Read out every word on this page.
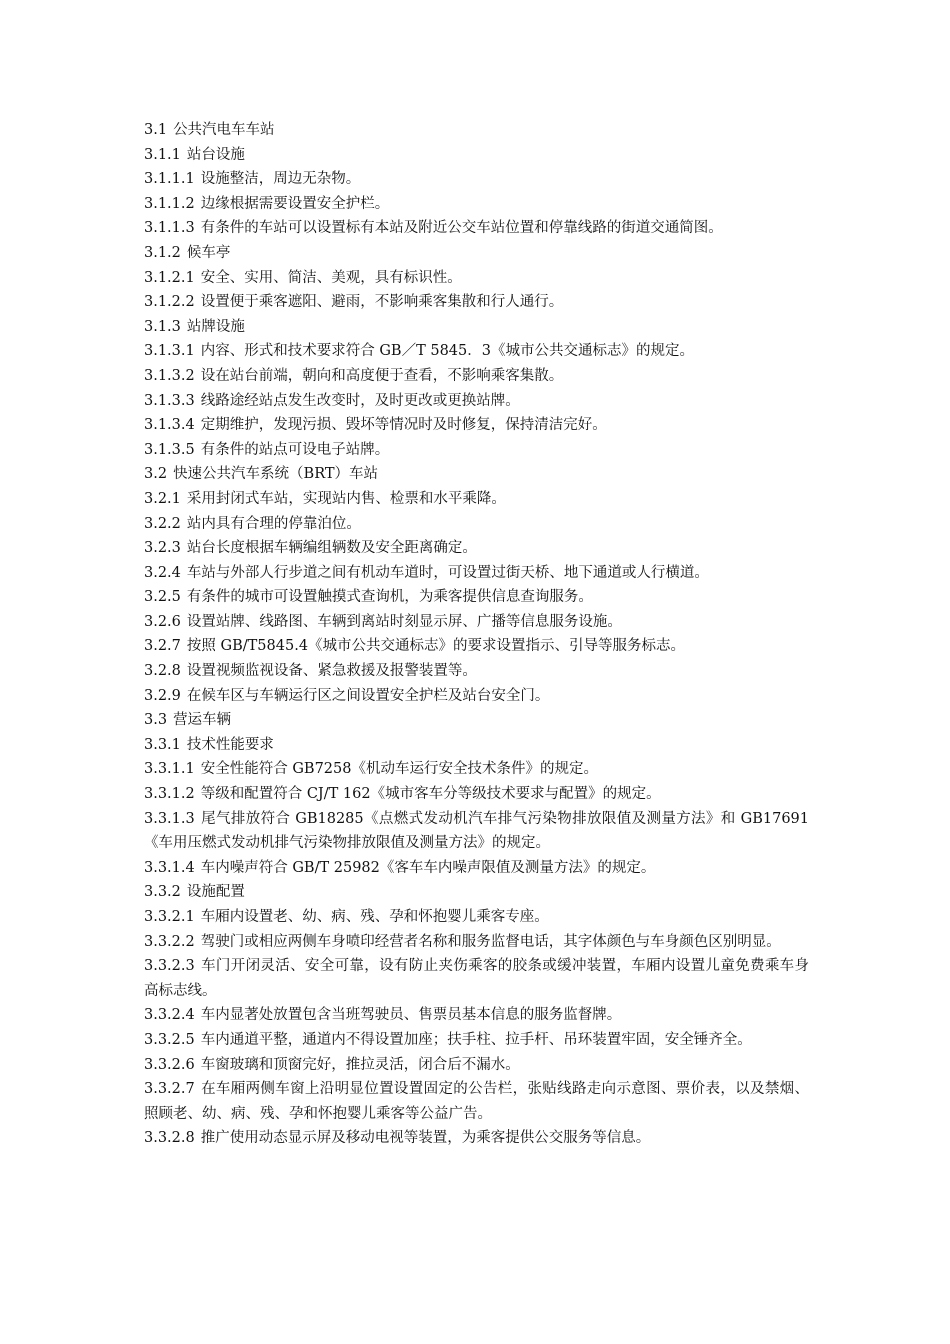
3.1 公共汽电车车站
3.1.1 站台设施
3.1.1.1 设施整洁，周边无杂物。
3.1.1.2 边缘根据需要设置安全护栏。
3.1.1.3 有条件的车站可以设置标有本站及附近公交车站位置和停靠线路的街道交通简图。
3.1.2 候车亭
3.1.2.1 安全、实用、简洁、美观，具有标识性。
3.1.2.2 设置便于乘客遮阳、避雨，不影响乘客集散和行人通行。
3.1.3 站牌设施
3.1.3.1 内容、形式和技术要求符合 GB／T 5845．3《城市公共交通标志》的规定。
3.1.3.2 设在站台前端，朝向和高度便于查看，不影响乘客集散。
3.1.3.3 线路途经站点发生改变时，及时更改或更换站牌。
3.1.3.4 定期维护，发现污损、毁坏等情况时及时修复，保持清洁完好。
3.1.3.5 有条件的站点可设电子站牌。
3.2 快速公共汽车系统（BRT）车站
3.2.1 采用封闭式车站，实现站内售、检票和水平乘降。
3.2.2 站内具有合理的停靠泊位。
3.2.3 站台长度根据车辆编组辆数及安全距离确定。
3.2.4 车站与外部人行步道之间有机动车道时，可设置过街天桥、地下通道或人行横道。
3.2.5 有条件的城市可设置触摸式查询机，为乘客提供信息查询服务。
3.2.6 设置站牌、线路图、车辆到离站时刻显示屏、广播等信息服务设施。
3.2.7 按照 GB/T5845.4《城市公共交通标志》的要求设置指示、引导等服务标志。
3.2.8 设置视频监视设备、紧急救援及报警装置等。
3.2.9 在候车区与车辆运行区之间设置安全护栏及站台安全门。
3.3 营运车辆
3.3.1 技术性能要求
3.3.1.1 安全性能符合 GB7258《机动车运行安全技术条件》的规定。
3.3.1.2 等级和配置符合 CJ/T 162《城市客车分等级技术要求与配置》的规定。
3.3.1.3 尾气排放符合 GB18285《点燃式发动机汽车排气污染物排放限值及测量方法》和 GB17691《车用压燃式发动机排气污染物排放限值及测量方法》的规定。
3.3.1.4 车内噪声符合 GB/T 25982《客车车内噪声限值及测量方法》的规定。
3.3.2 设施配置
3.3.2.1 车厢内设置老、幼、病、残、孕和怀抱婴儿乘客专座。
3.3.2.2 驾驶门或相应两侧车身喷印经营者名称和服务监督电话，其字体颜色与车身颜色区别明显。
3.3.2.3 车门开闭灵活、安全可靠，设有防止夹伤乘客的胶条或缓冲装置，车厢内设置儿童免费乘车身高标志线。
3.3.2.4 车内显著处放置包含当班驾驶员、售票员基本信息的服务监督牌。
3.3.2.5 车内通道平整，通道内不得设置加座；扶手柱、拉手杆、吊环装置牢固，安全锤齐全。
3.3.2.6 车窗玻璃和顶窗完好，推拉灵活，闭合后不漏水。
3.3.2.7 在车厢两侧车窗上沿明显位置设置固定的公告栏，张贴线路走向示意图、票价表，以及禁烟、照顾老、幼、病、残、孕和怀抱婴儿乘客等公益广告。
3.3.2.8 推广使用动态显示屏及移动电视等装置，为乘客提供公交服务等信息。
